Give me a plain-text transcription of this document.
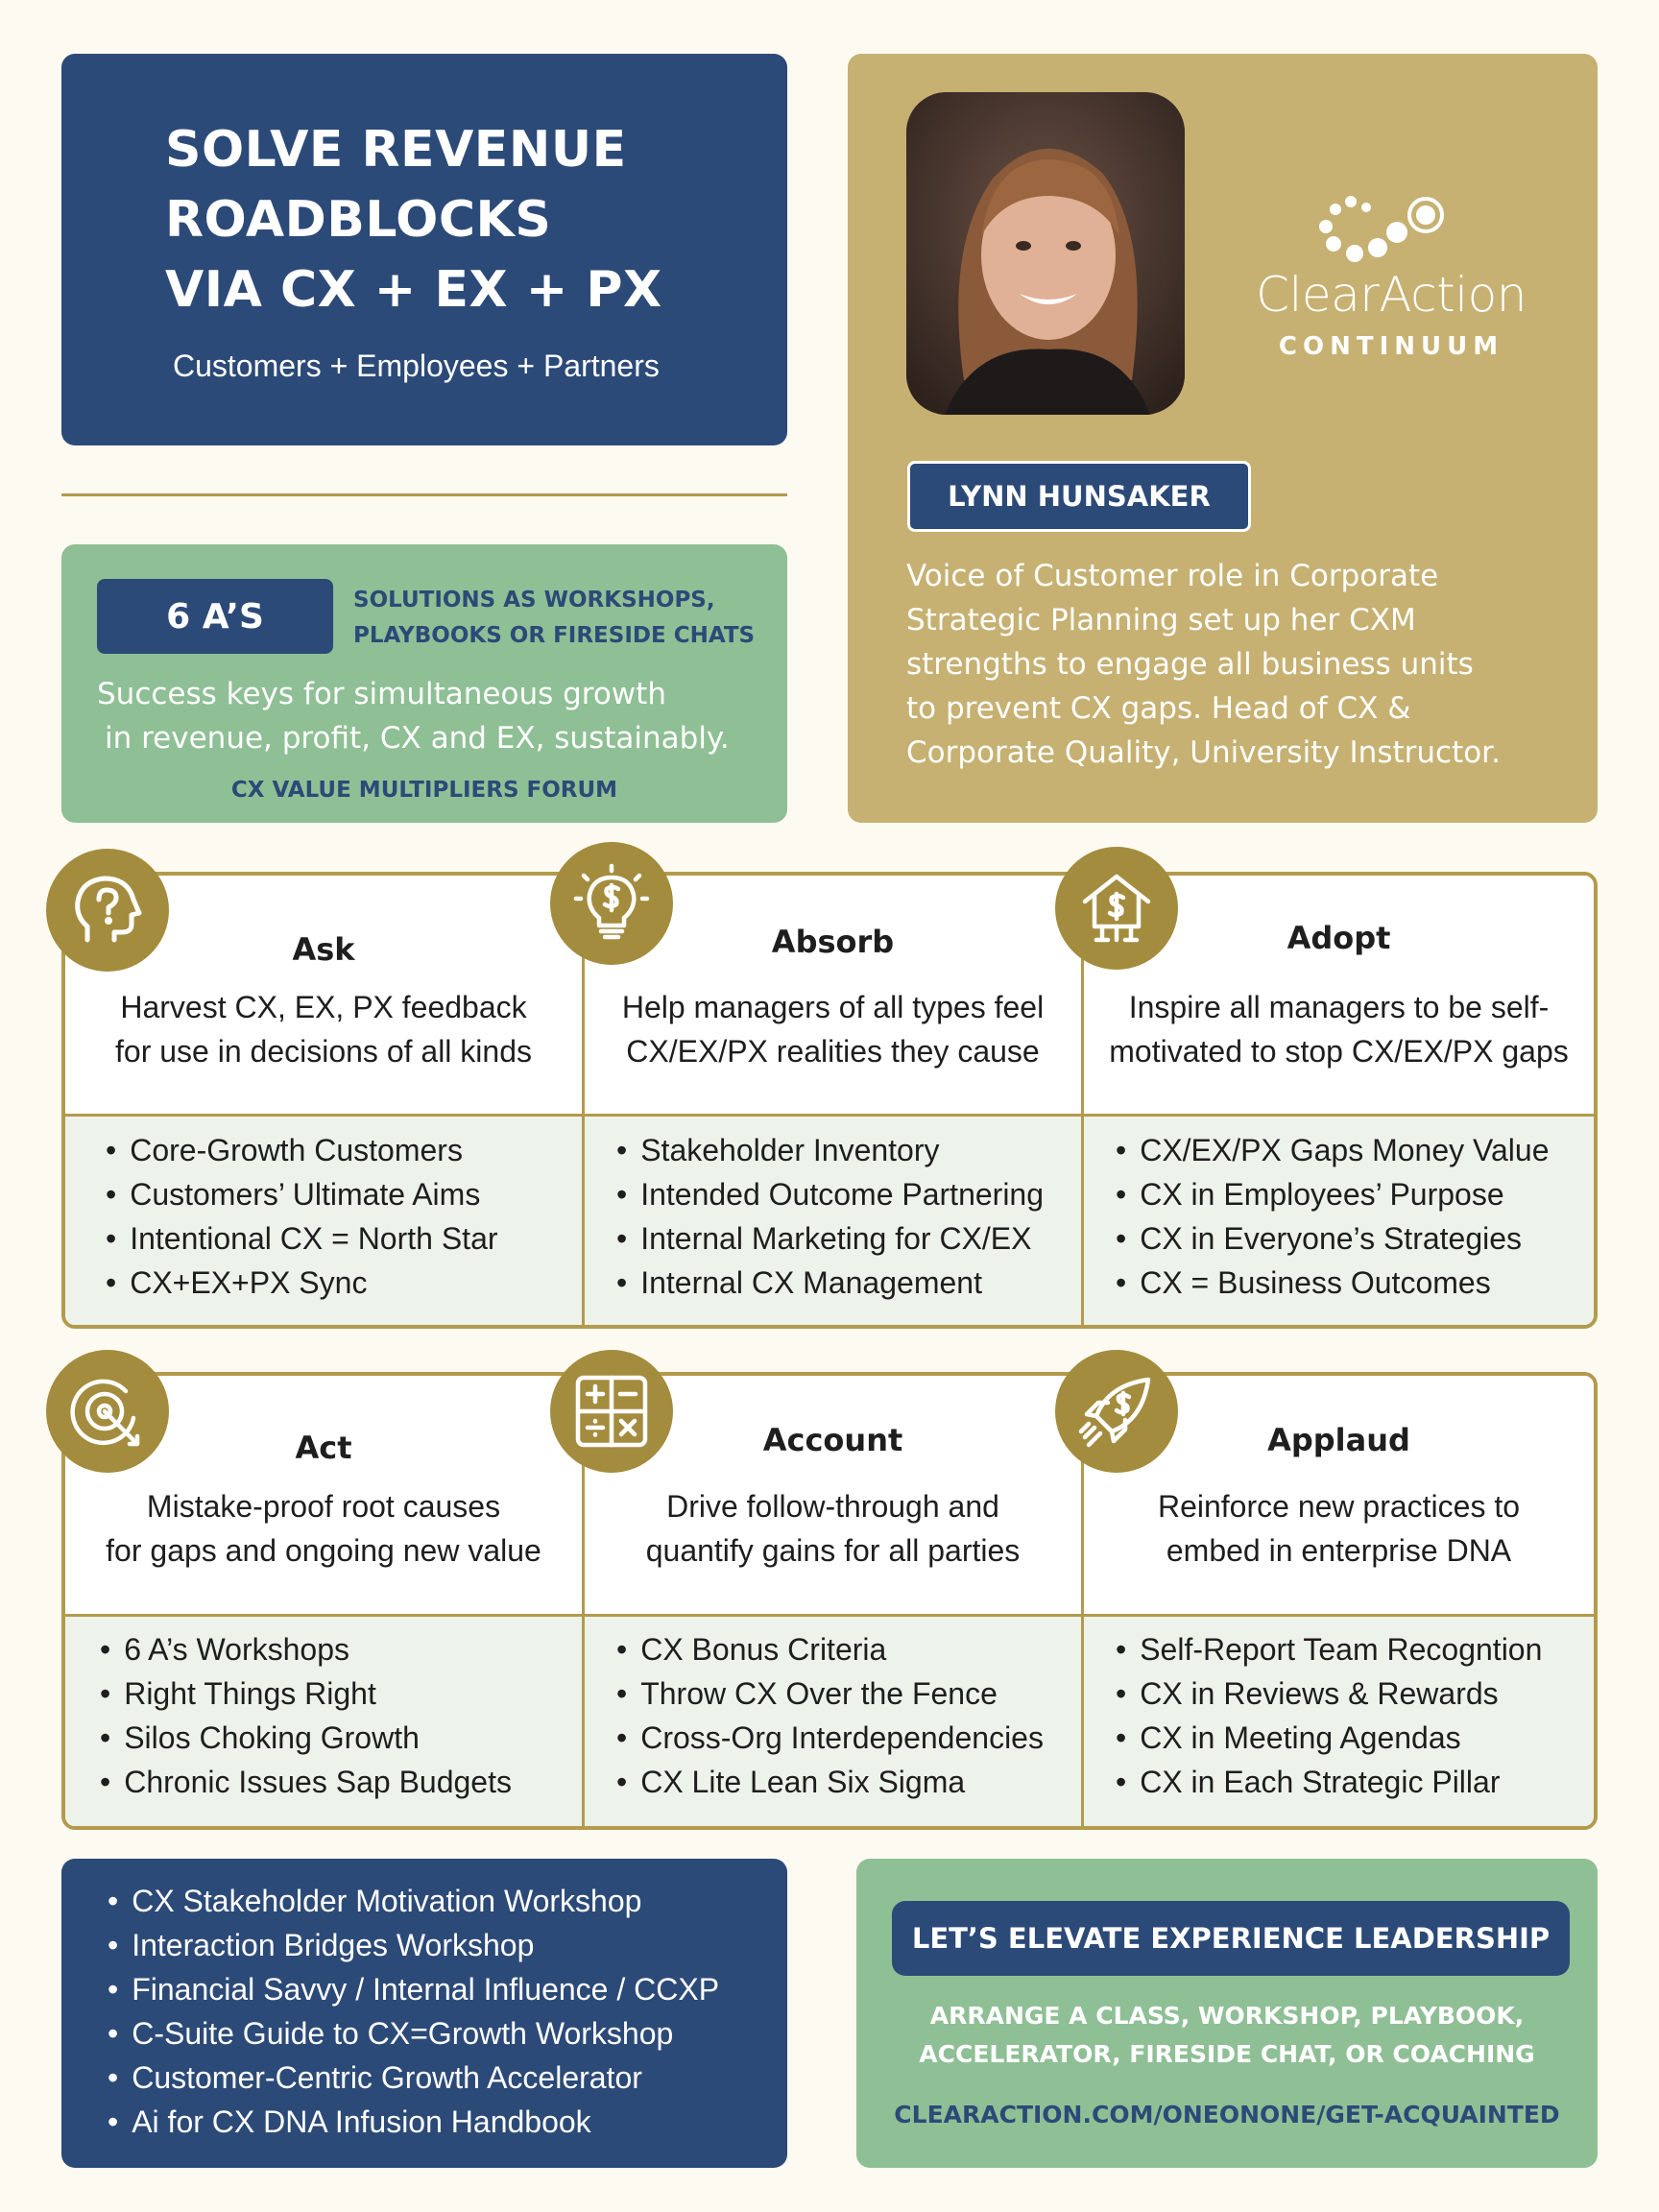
SOLVE REVENUE
ROADBLOCKS
VIA CX + EX + PX
Customers + Employees + Partners
6 A’S	SOLUTIONS AS WORKSHOPS,
PLAYBOOKS OR FIRESIDE CHATS
Success keys for simultaneous growth
in revenue, profit, CX and EX, sustainably.
CX VALUE MULTIPLIERS FORUM
ClearAction
CONTINUUM
LYNN HUNSAKER
Voice of Customer role in Corporate
Strategic Planning set up her CXM
strengths to engage all business units
to prevent CX gaps. Head of CX &
Corporate Quality, University Instructor.
Ask
Harvest CX, EX, PX feedback
for use in decisions of all kinds
• Core-Growth Customers
• Customers’ Ultimate Aims
• Intentional CX = North Star
• CX+EX+PX Sync
Absorb
Help managers of all types feel
CX/EX/PX realities they cause
• Stakeholder Inventory
• Intended Outcome Partnering
• Internal Marketing for CX/EX
• Internal CX Management
Adopt
Inspire all managers to be self-
motivated to stop CX/EX/PX gaps
• CX/EX/PX Gaps Money Value
• CX in Employees’ Purpose
• CX in Everyone’s Strategies
• CX = Business Outcomes
Act
Mistake-proof root causes
for gaps and ongoing new value
• 6 A’s Workshops
• Right Things Right
• Silos Choking Growth
• Chronic Issues Sap Budgets
Account
Drive follow-through and
quantify gains for all parties
• CX Bonus Criteria
• Throw CX Over the Fence
• Cross-Org Interdependencies
• CX Lite Lean Six Sigma
Applaud
Reinforce new practices to
embed in enterprise DNA
• Self-Report Team Recogntion
• CX in Reviews & Rewards
• CX in Meeting Agendas
• CX in Each Strategic Pillar
• CX Stakeholder Motivation Workshop
• Interaction Bridges Workshop
• Financial Savvy / Internal Influence / CCXP
• C-Suite Guide to CX=Growth Workshop
• Customer-Centric Growth Accelerator
• Ai for CX DNA Infusion Handbook
LET’S ELEVATE EXPERIENCE LEADERSHIP
ARRANGE A CLASS, WORKSHOP, PLAYBOOK,
ACCELERATOR, FIRESIDE CHAT, OR COACHING
CLEARACTION.COM/ONEONONE/GET-ACQUAINTED
